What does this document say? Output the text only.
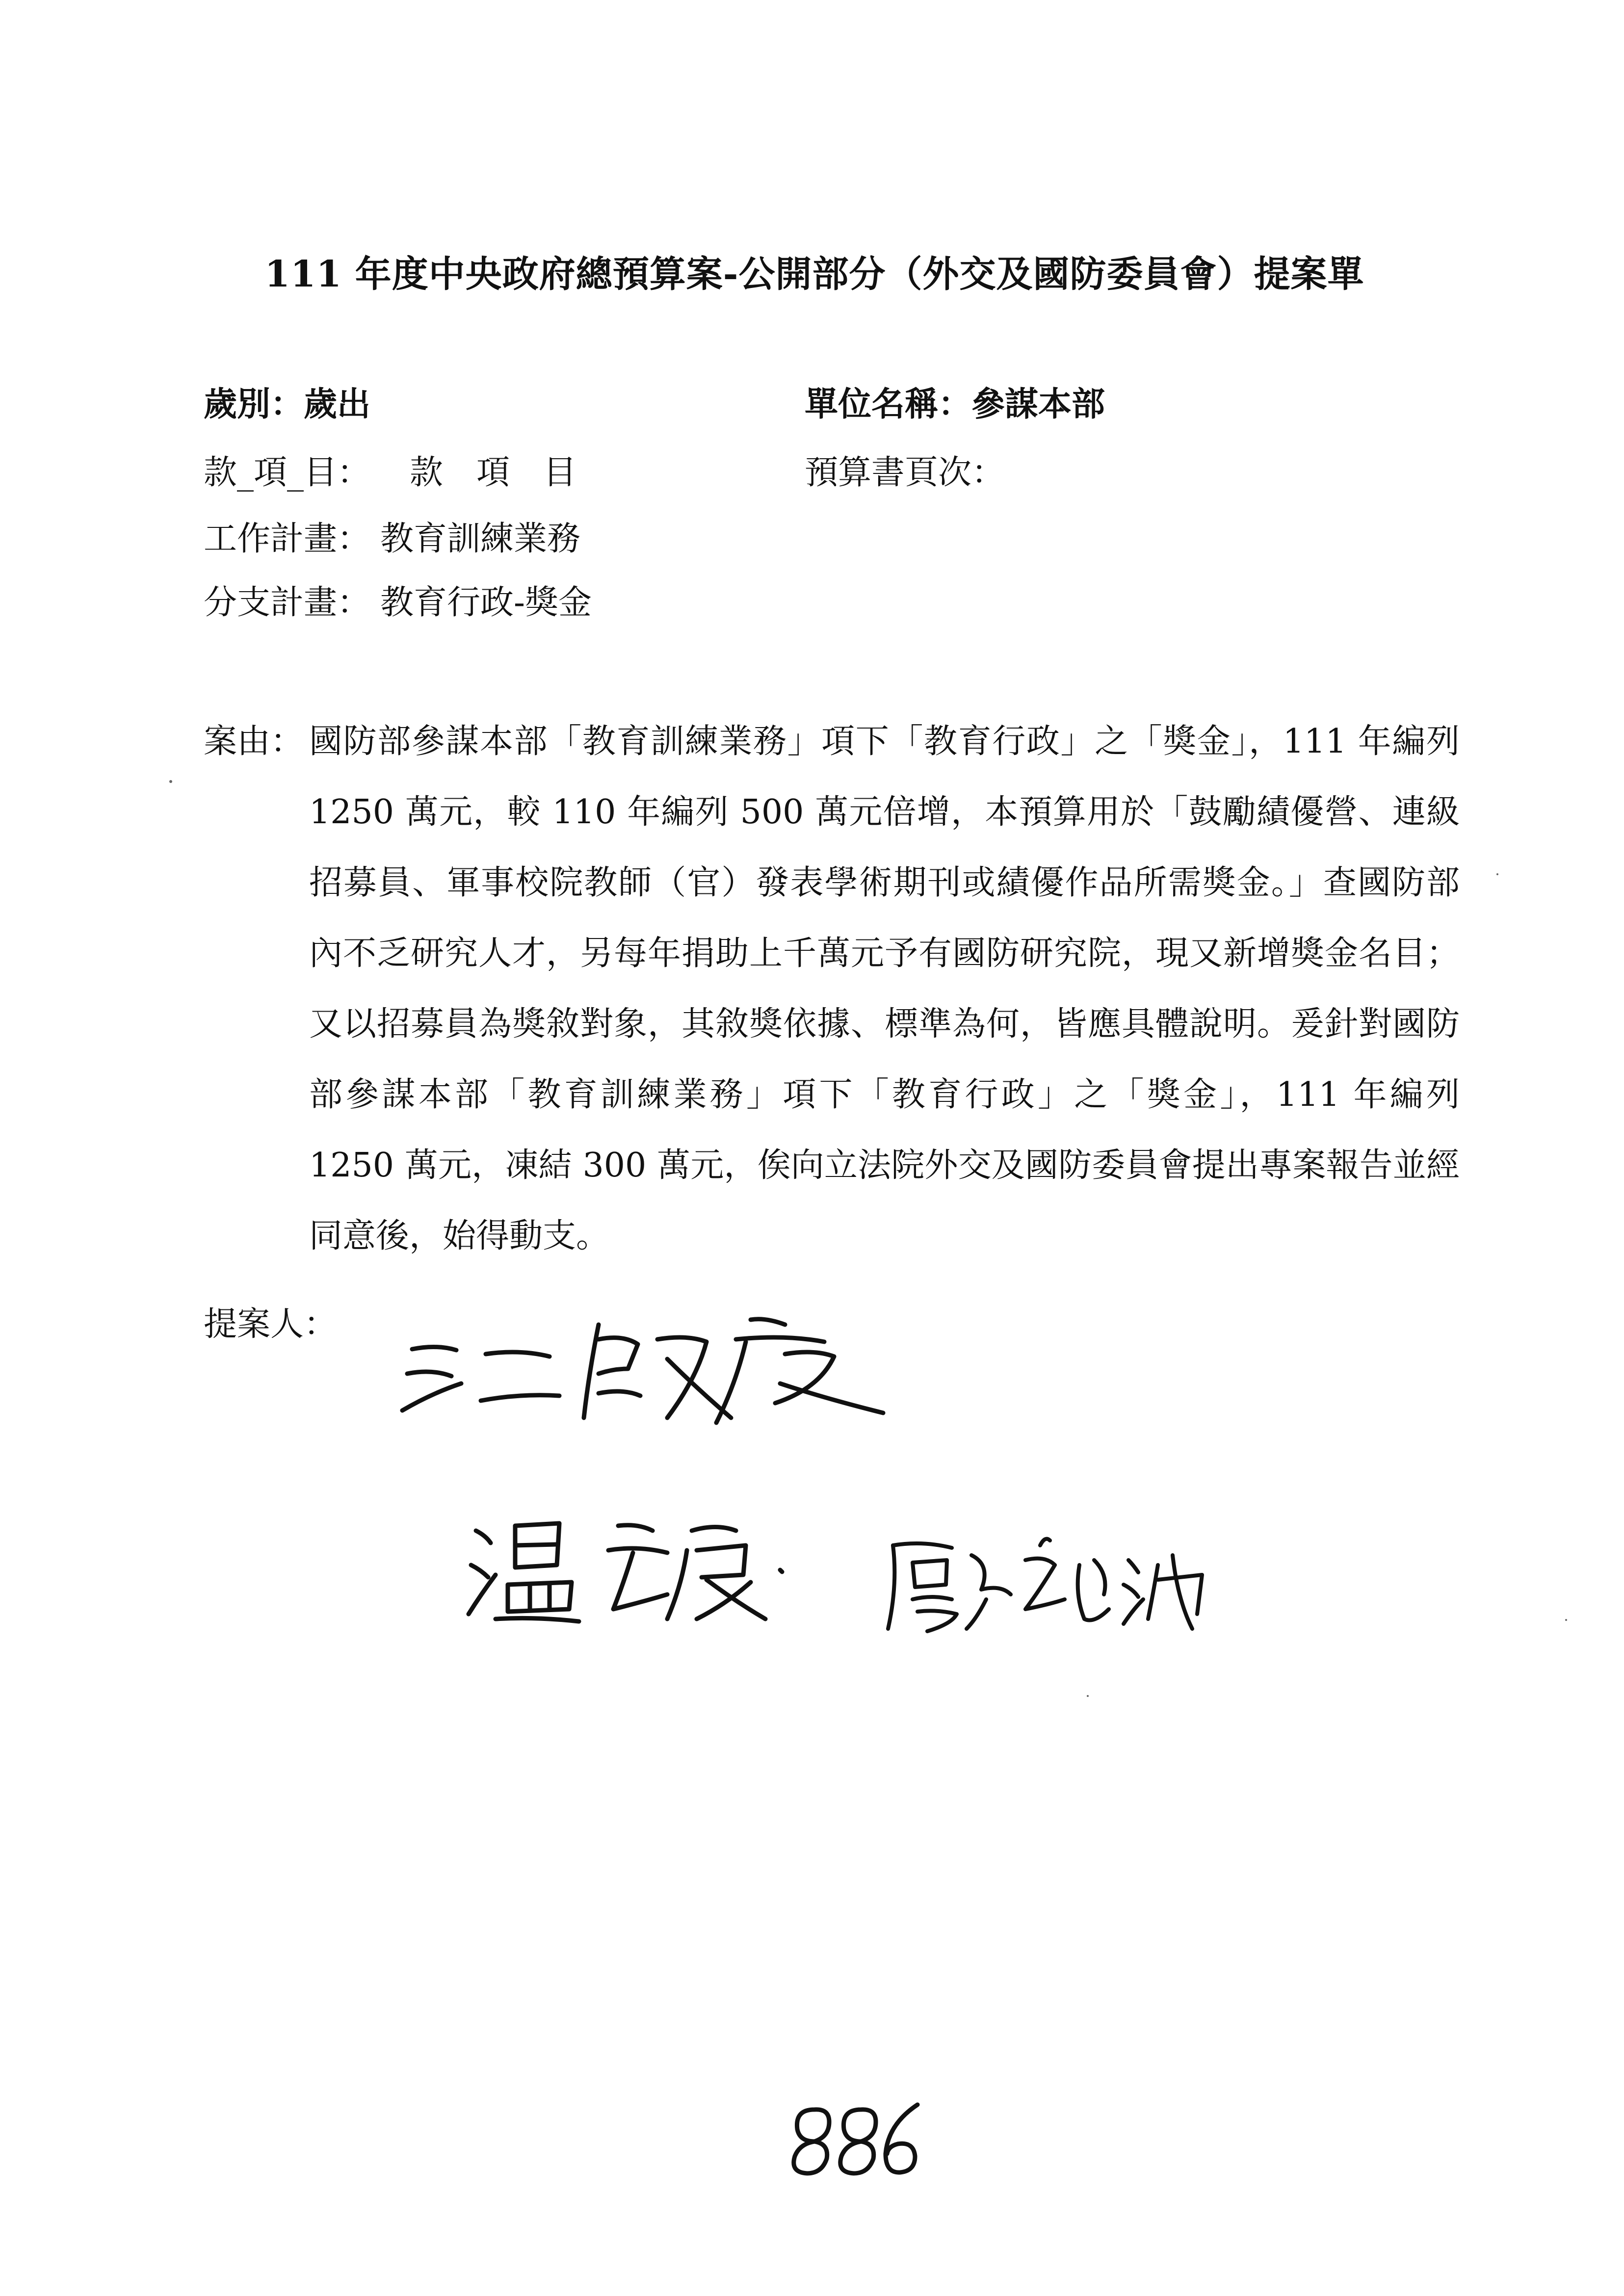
111 年度中央政府總預算案-公開部分（外交及國防委員會）提案單
歲別：歲出	單位名稱：參謀本部
款_項_目： 款　項　目	預算書頁次：
工作計畫： 教育訓練業務
分支計畫： 教育行政-獎金
案由： 國防部參謀本部「教育訓練業務」項下「教育行政」之「獎金」，111 年編列 1250 萬元，較 110 年編列 500 萬元倍增，本預算用於「鼓勵績優營、連級招募員、軍事校院教師（官）發表學術期刊或績優作品所需獎金。」查國防部內不乏研究人才，另每年捐助上千萬元予有國防研究院，現又新增獎金名目；又以招募員為獎敘對象，其敘獎依據、標準為何，皆應具體說明。爰針對國防部參謀本部「教育訓練業務」項下「教育行政」之「獎金」，111 年編列 1250 萬元，凍結 300 萬元，俟向立法院外交及國防委員會提出專案報告並經同意後，始得動支。
提案人：
